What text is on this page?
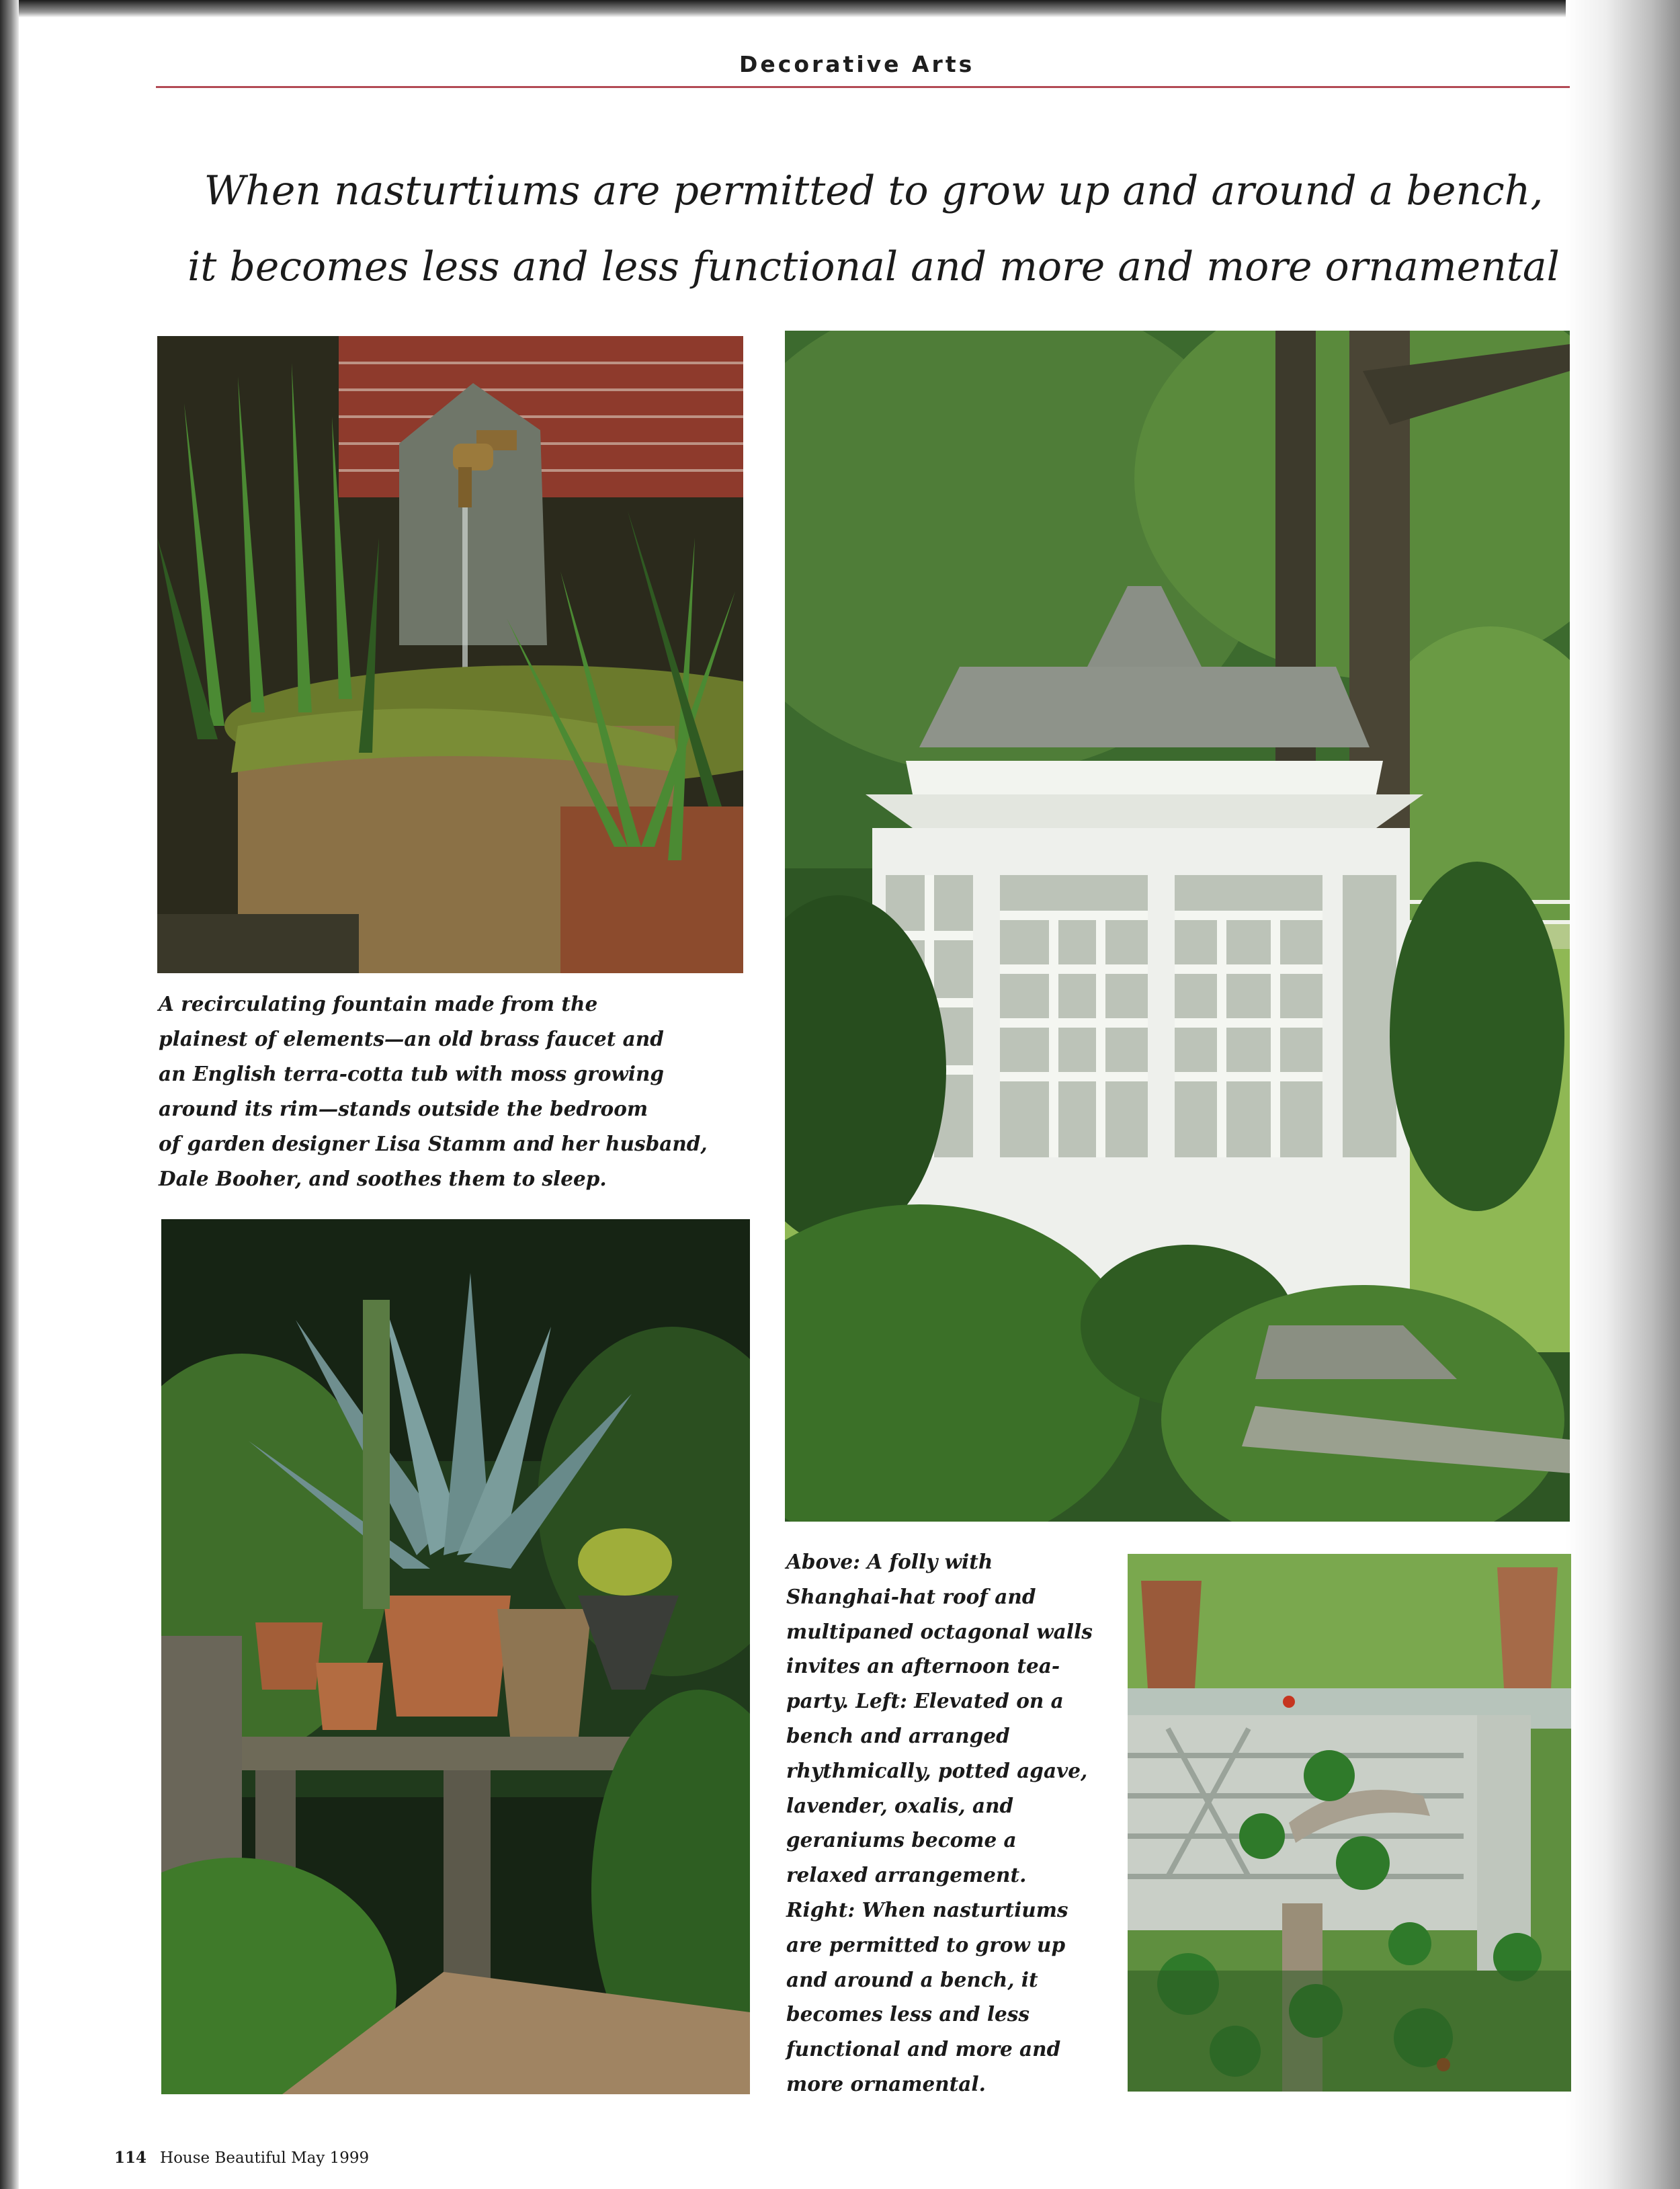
Decorative Arts
When nasturtiums are permitted to grow up and around a bench,
it becomes less and less functional and more and more ornamental
A recirculating fountain made from the
plainest of elements—an old brass faucet and
an English terra-cotta tub with moss growing
around its rim—stands outside the bedroom
of garden designer Lisa Stamm and her husband,
Dale Booher, and soothes them to sleep.
Above: A folly with
Shanghai-hat roof and
multipaned octagonal walls
invites an afternoon tea-
party. Left: Elevated on a
bench and arranged
rhythmically, potted agave,
lavender, oxalis, and
geraniums become a
relaxed arrangement.
Right: When nasturtiums
are permitted to grow up
and around a bench, it
becomes less and less
functional and more and
more ornamental.
114 House Beautiful May 1999
